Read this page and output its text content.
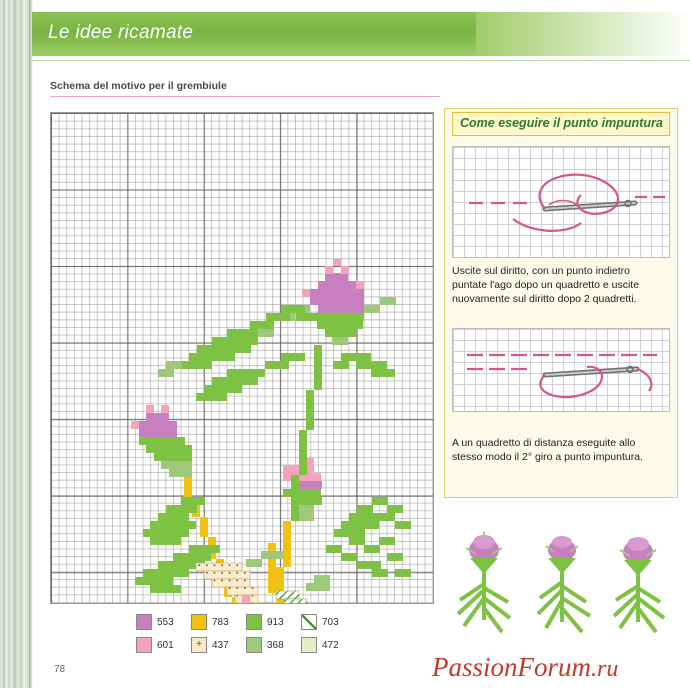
Le idee ricamate
Schema del motivo per il grembiule
553	783	913	703
601	+	437	368	472
78
Come eseguire il punto impuntura
Uscite sul diritto, con un punto indietro puntate l'ago dopo un quadretto e uscite nuovamente sul diritto dopo 2 quadretti.
A un quadretto di distanza eseguite allo stesso modo il 2° giro a punto impuntura.
PassionForum.ru
